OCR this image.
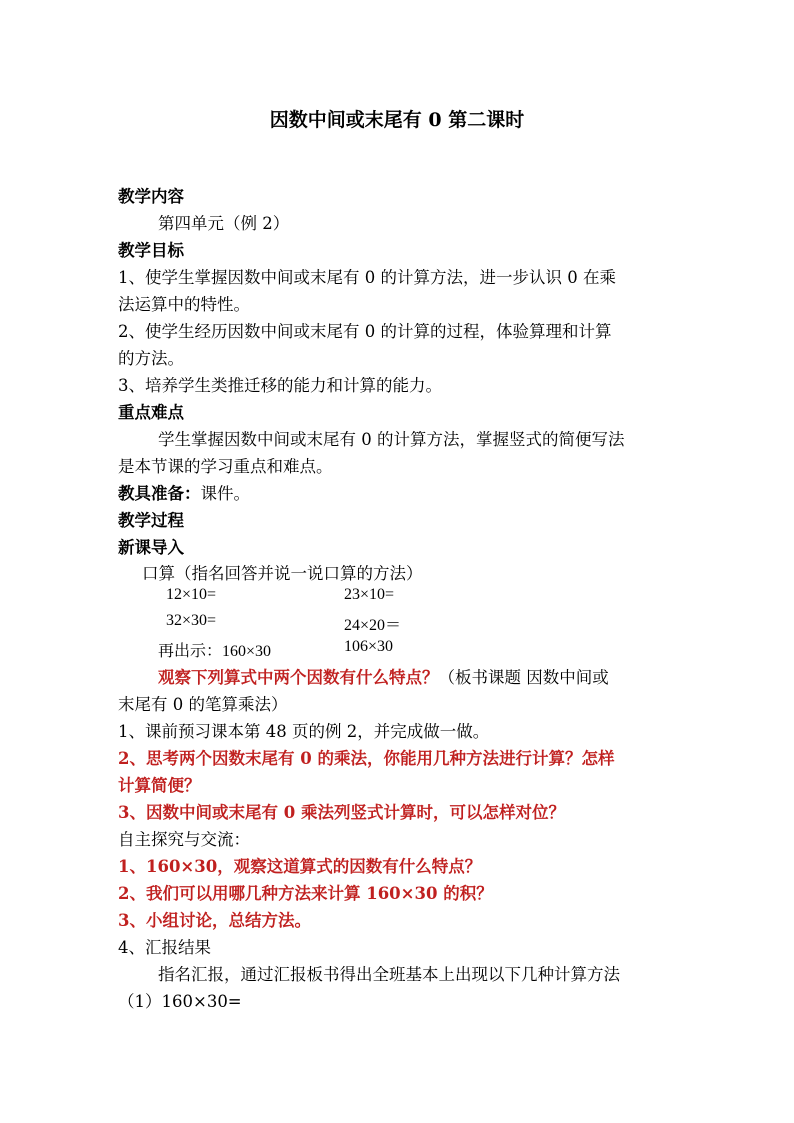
因数中间或末尾有 0 第二课时
教学内容
第四单元（例 2）
教学目标
1、使学生掌握因数中间或末尾有 0 的计算方法，进一步认识 0 在乘
法运算中的特性。
2、使学生经历因数中间或末尾有 0 的计算的过程，体验算理和计算
的方法。
3、培养学生类推迁移的能力和计算的能力。
重点难点
学生掌握因数中间或末尾有 0 的计算方法，掌握竖式的简便写法
是本节课的学习重点和难点。
教具准备：课件。
教学过程
新课导入
口算（指名回答并说一说口算的方法）
12×10=	23×10=
32×30=	24×20＝
再出示：160×30	106×30
观察下列算式中两个因数有什么特点？（板书课题 因数中间或
末尾有 0 的笔算乘法）
1、课前预习课本第 48 页的例 2，并完成做一做。
2、思考两个因数末尾有 0 的乘法，你能用几种方法进行计算？怎样
计算简便？
3、因数中间或末尾有 0 乘法列竖式计算时，可以怎样对位？
自主探究与交流：
1、160×30，观察这道算式的因数有什么特点？
2、我们可以用哪几种方法来计算 160×30 的积？
3、小组讨论，总结方法。
4、汇报结果
指名汇报，通过汇报板书得出全班基本上出现以下几种计算方法
（1）160×30=
